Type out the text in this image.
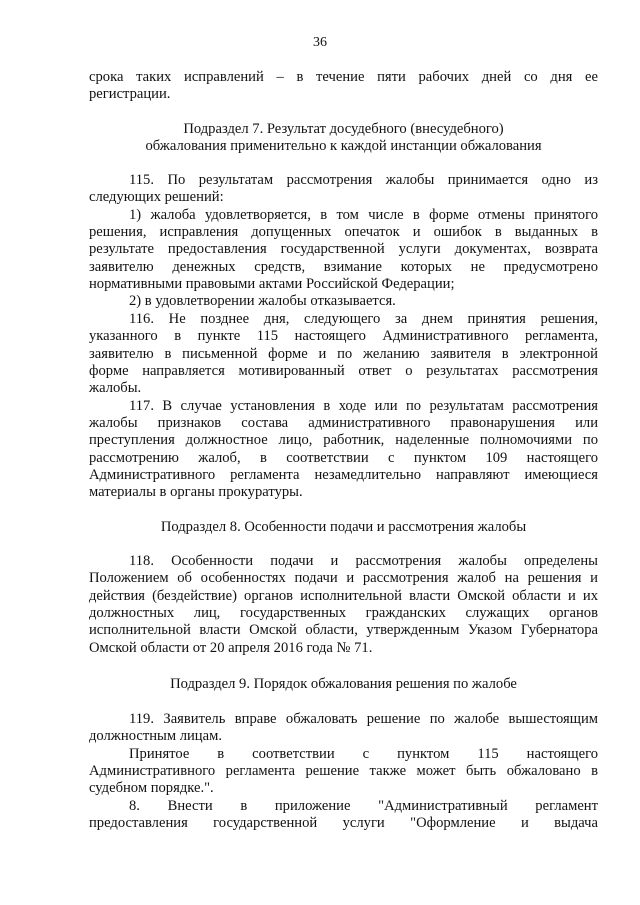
36
срока таких исправлений – в течение пяти рабочих дней со дня ее
регистрации.
Подраздел 7. Результат досудебного (внесудебного)
обжалования применительно к каждой инстанции обжалования
115. По результатам рассмотрения жалобы принимается одно из
следующих решений:
1) жалоба удовлетворяется, в том числе в форме отмены принятого
решения, исправления допущенных опечаток и ошибок в выданных в
результате предоставления государственной услуги документах, возврата
заявителю денежных средств, взимание которых не предусмотрено
нормативными правовыми актами Российской Федерации;
2) в удовлетворении жалобы отказывается.
116. Не позднее дня, следующего за днем принятия решения,
указанного в пункте 115 настоящего Административного регламента,
заявителю в письменной форме и по желанию заявителя в электронной
форме направляется мотивированный ответ о результатах рассмотрения
жалобы.
117. В случае установления в ходе или по результатам рассмотрения
жалобы признаков состава административного правонарушения или
преступления должностное лицо, работник, наделенные полномочиями по
рассмотрению жалоб, в соответствии с пунктом 109 настоящего
Административного регламента незамедлительно направляют имеющиеся
материалы в органы прокуратуры.
Подраздел 8. Особенности подачи и рассмотрения жалобы
118. Особенности подачи и рассмотрения жалобы определены
Положением об особенностях подачи и рассмотрения жалоб на решения и
действия (бездействие) органов исполнительной власти Омской области и их
должностных лиц, государственных гражданских служащих органов
исполнительной власти Омской области, утвержденным Указом Губернатора
Омской области от 20 апреля 2016 года № 71.
Подраздел 9. Порядок обжалования решения по жалобе
119. Заявитель вправе обжаловать решение по жалобе вышестоящим
должностным лицам.
Принятое в соответствии с пунктом 115 настоящего
Административного регламента решение также может быть обжаловано в
судебном порядке.".
8. Внести в приложение "Административный регламент
предоставления государственной услуги "Оформление и выдача
